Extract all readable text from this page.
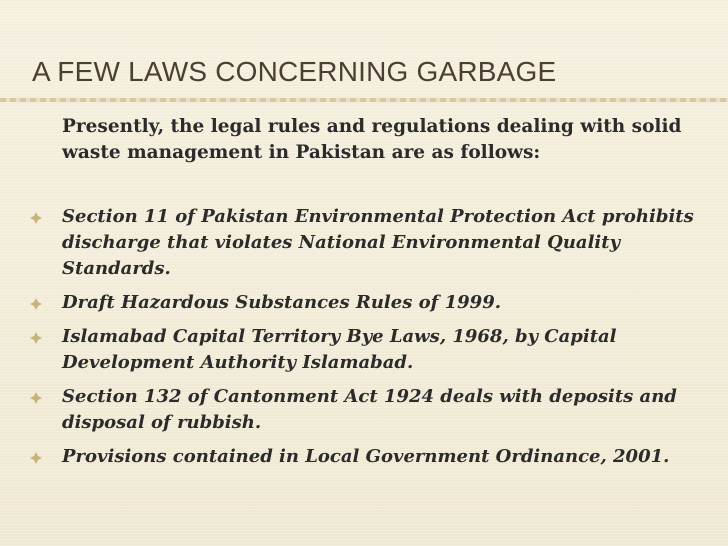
A FEW LAWS CONCERNING GARBAGE
Presently, the legal rules and regulations dealing with solid waste management in Pakistan are as follows:
Section 11 of Pakistan Environmental Protection Act prohibits discharge that violates National Environmental Quality Standards.
Draft Hazardous Substances Rules of 1999.
Islamabad Capital Territory Bye Laws, 1968, by Capital Development Authority Islamabad.
Section 132 of Cantonment Act 1924 deals with deposits and disposal of rubbish.
Provisions contained in Local Government Ordinance, 2001.
